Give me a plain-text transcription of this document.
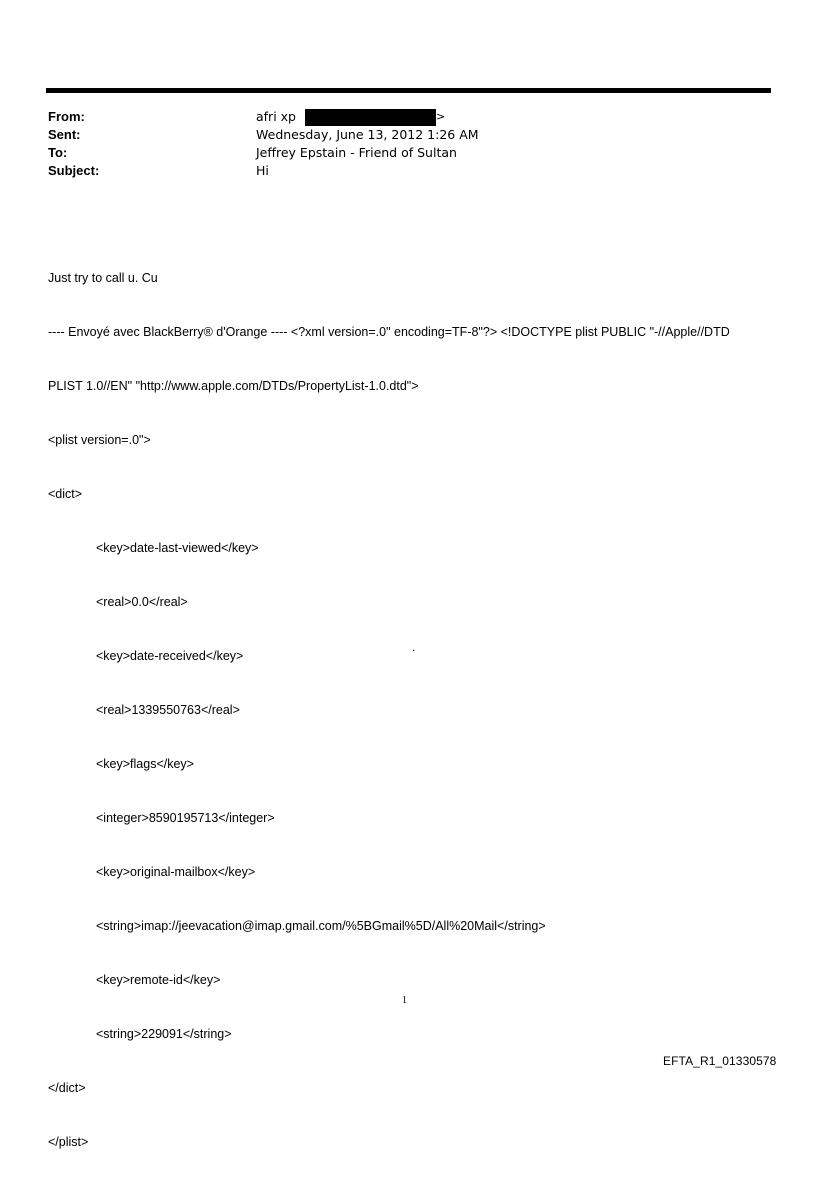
From:	afri xp	>
Sent:	Wednesday, June 13, 2012 1:26 AM
To:	Jeffrey Epstain - Friend of Sultan
Subject:	Hi

Just try to call u. Cu

---- Envoyé avec BlackBerry® d'Orange ---- <?xml version=.0" encoding=TF-8"?> <!DOCTYPE plist PUBLIC "-//Apple//DTD

PLIST 1.0//EN" "http://www.apple.com/DTDs/PropertyList-1.0.dtd">

<plist version=.0">

<dict>

<key>date-last-viewed</key>

<real>0.0</real>

<key>date-received</key>

<real>1339550763</real>

<key>flags</key>

<integer>8590195713</integer>

<key>original-mailbox</key>

<string>imap://jeevacation@imap.gmail.com/%5BGmail%5D/All%20Mail</string>

<key>remote-id</key>

<string>229091</string>

</dict>

</plist>

.
1
EFTA_R1_01330578
